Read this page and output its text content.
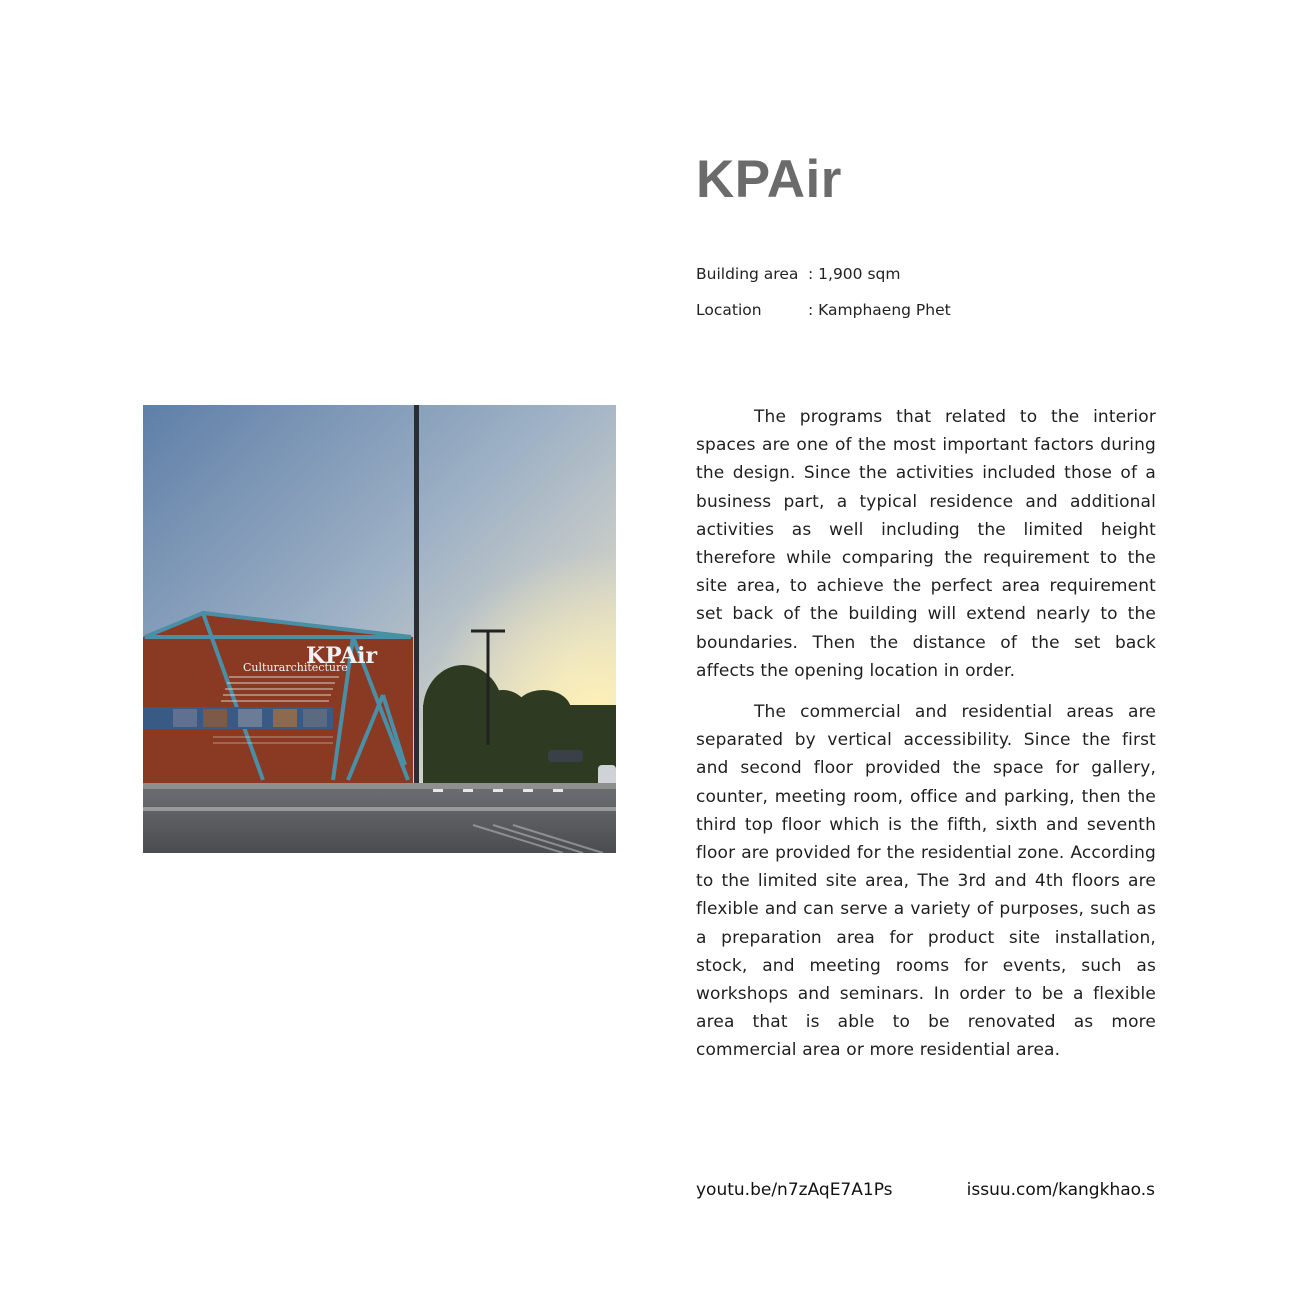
KPAir
Building area : 1,900 sqm
Location	: Kamphaeng Phet
KPAir
Culturarchitecture

The programs that related to the interior spaces are one of the most important factors during the design. Since the activities included those of a business part, a typical residence and additional activities as well including the limited height therefore while comparing the requirement to the site area, to achieve the perfect area requirement set back of the building will extend nearly to the boundaries. Then the distance of the set back affects the opening location in order.

The commercial and residential areas are separated by vertical accessibility. Since the first and second floor provided the space for gallery, counter, meeting room, office and parking, then the third top floor which is the fifth, sixth and seventh floor are provided for the residential zone. According to the limited site area, The 3rd and 4th floors are flexible and can serve a variety of purposes, such as a preparation area for product site installation, stock, and meeting rooms for events, such as workshops and seminars. In order to be a flexible area that is able to be renovated as more commercial area or more residential area.

youtu.be/n7zAqE7A1Ps	issuu.com/kangkhao.s
